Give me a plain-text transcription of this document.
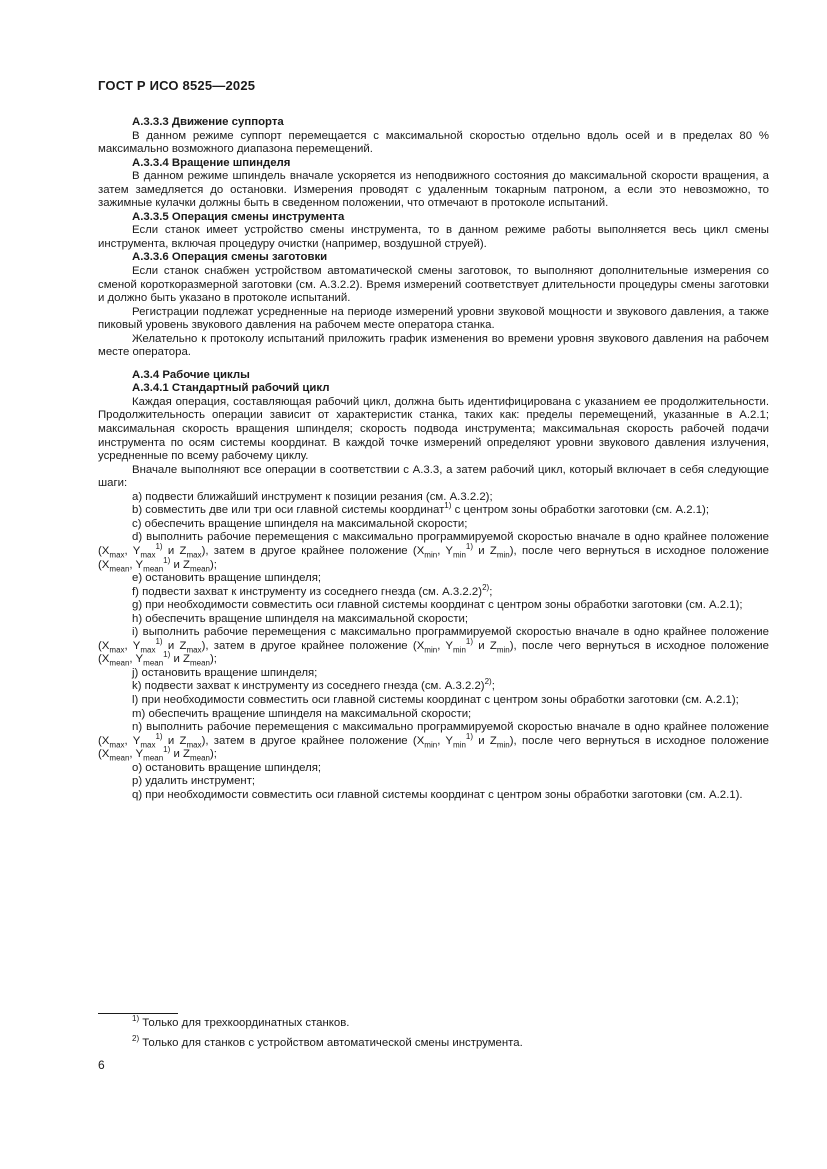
ГОСТ Р ИСО 8525—2025

А.3.3.3 Движение суппорта

В данном режиме суппорт перемещается с максимальной скоростью отдельно вдоль осей и в пределах 80 % максимально возможного диапазона перемещений.

А.3.3.4 Вращение шпинделя

В данном режиме шпиндель вначале ускоряется из неподвижного состояния до максимальной скорости вращения, а затем замедляется до остановки. Измерения проводят с удаленным токарным патроном, а если это невозможно, то зажимные кулачки должны быть в сведенном положении, что отмечают в протоколе испытаний.

А.3.3.5 Операция смены инструмента

Если станок имеет устройство смены инструмента, то в данном режиме работы выполняется весь цикл смены инструмента, включая процедуру очистки (например, воздушной струей).

А.3.3.6 Операция смены заготовки

Если станок снабжен устройством автоматической смены заготовок, то выполняют дополнительные измерения со сменой короткоразмерной заготовки (см. А.3.2.2). Время измерений соответствует длительности процедуры смены заготовки и должно быть указано в протоколе испытаний.

Регистрации подлежат усредненные на периоде измерений уровни звуковой мощности и звукового давления, а также пиковый уровень звукового давления на рабочем месте оператора станка.

Желательно к протоколу испытаний приложить график изменения во времени уровня звукового давления на рабочем месте оператора.

А.3.4 Рабочие циклы

А.3.4.1 Стандартный рабочий цикл

Каждая операция, составляющая рабочий цикл, должна быть идентифицирована с указанием ее продолжительности. Продолжительность операции зависит от характеристик станка, таких как: пределы перемещений, указанные в А.2.1; максимальная скорость вращения шпинделя; скорость подвода инструмента; максимальная скорость рабочей подачи инструмента по осям системы координат. В каждой точке измерений определяют уровни звукового давления излучения, усредненные по всему рабочему циклу.

Вначале выполняют все операции в соответствии с А.3.3, а затем рабочий цикл, который включает в себя следующие шаги:

a) подвести ближайший инструмент к позиции резания (см. А.3.2.2);

b) совместить две или три оси главной системы координат$^{1)}$ с центром зоны обработки заготовки (см. А.2.1);

c) обеспечить вращение шпинделя на максимальной скорости;

d) выполнить рабочие перемещения с максимально программируемой скоростью вначале в одно крайнее положение ($X_{max}$, $Y_{max}^{1)}$ и $Z_{max}$), затем в другое крайнее положение ($X_{min}$, $Y_{min}^{1)}$ и $Z_{min}$), после чего вернуться в исходное положение ($X_{mean}$, $Y_{mean}^{1)}$ и $Z_{mean}$);

e) остановить вращение шпинделя;

f) подвести захват к инструменту из соседнего гнезда (см. А.3.2.2)$^{2)}$;

g) при необходимости совместить оси главной системы координат с центром зоны обработки заготовки (см. А.2.1);

h) обеспечить вращение шпинделя на максимальной скорости;

i) выполнить рабочие перемещения с максимально программируемой скоростью вначале в одно крайнее положение ($X_{max}$, $Y_{max}^{1)}$ и $Z_{max}$), затем в другое крайнее положение ($X_{min}$, $Y_{min}^{1)}$ и $Z_{min}$), после чего вернуться в исходное положение ($X_{mean}$, $Y_{mean}^{1)}$ и $Z_{mean}$);

j) остановить вращение шпинделя;

k) подвести захват к инструменту из соседнего гнезда (см. А.3.2.2)$^{2)}$;

l) при необходимости совместить оси главной системы координат с центром зоны обработки заготовки (см. А.2.1);

m) обеспечить вращение шпинделя на максимальной скорости;

n) выполнить рабочие перемещения с максимально программируемой скоростью вначале в одно крайнее положение ($X_{max}$, $Y_{max}^{1)}$ и $Z_{max}$), затем в другое крайнее положение ($X_{min}$, $Y_{min}^{1)}$ и $Z_{min}$), после чего вернуться в исходное положение ($X_{mean}$, $Y_{mean}^{1)}$ и $Z_{mean}$);

o) остановить вращение шпинделя;

p) удалить инструмент;

q) при необходимости совместить оси главной системы координат с центром зоны обработки заготовки (см. А.2.1).

$^{1)}$ Только для трехкоординатных станков.
$^{2)}$ Только для станков с устройством автоматической смены инструмента.
6
